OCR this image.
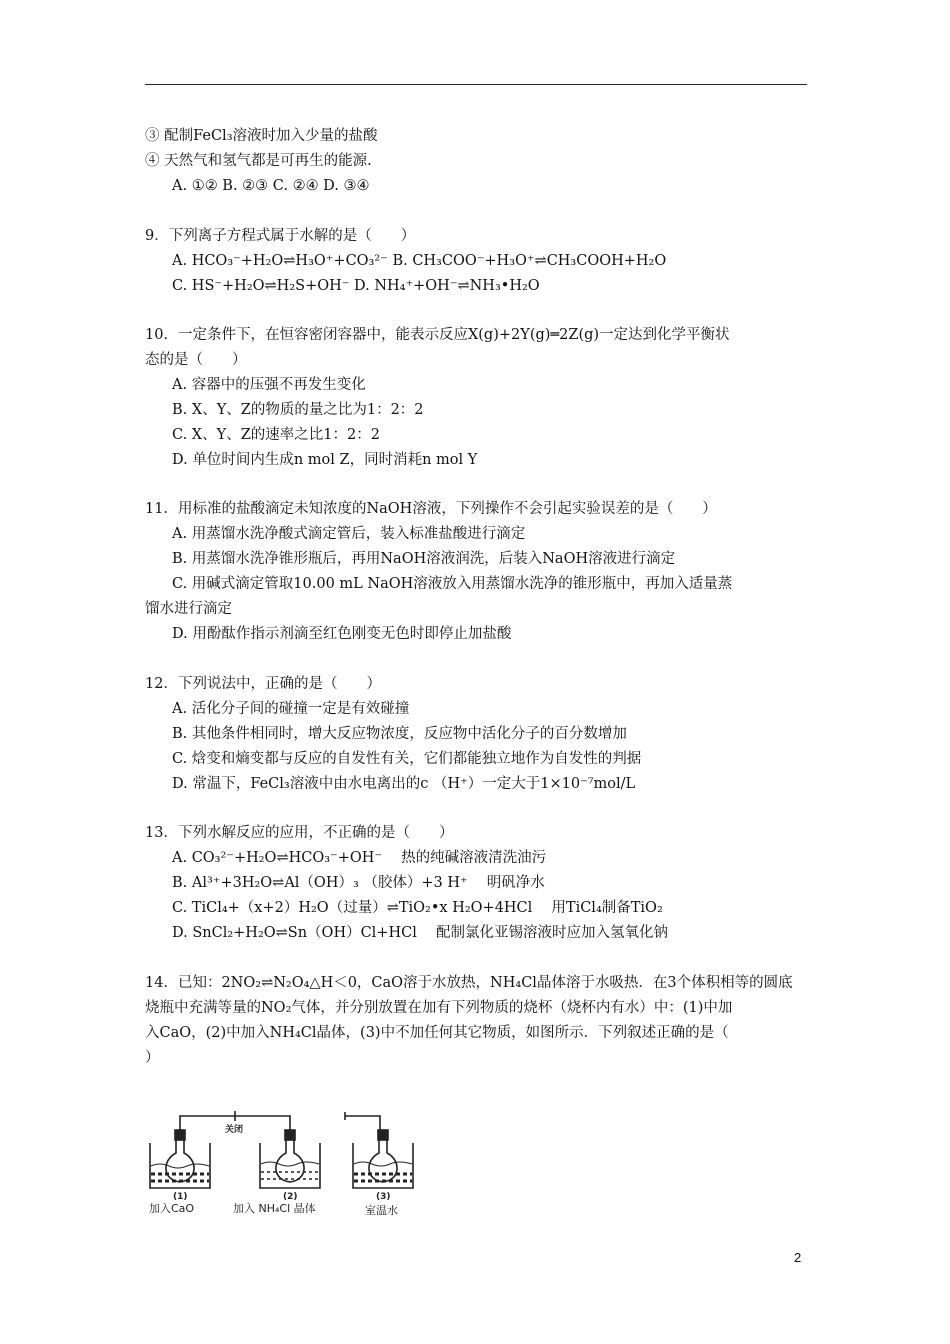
③ 配制FeCl₃溶液时加入少量的盐酸
④ 天然气和氢气都是可再生的能源.
A. ①② B. ②③ C. ②④ D. ③④
9．下列离子方程式属于水解的是（　　）
A. HCO₃⁻+H₂O⇌H₃O⁺+CO₃²⁻ B. CH₃COO⁻+H₃O⁺⇌CH₃COOH+H₂O
C. HS⁻+H₂O⇌H₂S+OH⁻ D. NH₄⁺+OH⁻⇌NH₃•H₂O
10．一定条件下，在恒容密闭容器中，能表示反应X(g)+2Y(g)═2Z(g)一定达到化学平衡状
态的是（　　）
A. 容器中的压强不再发生变化
B. X、Y、Z的物质的量之比为1：2：2
C. X、Y、Z的速率之比1：2：2
D. 单位时间内生成n mol Z，同时消耗n mol Y
11．用标准的盐酸滴定未知浓度的NaOH溶液，下列操作不会引起实验误差的是（　　）
A. 用蒸馏水洗净酸式滴定管后，装入标准盐酸进行滴定
B. 用蒸馏水洗净锥形瓶后，再用NaOH溶液润洗，后装入NaOH溶液进行滴定
C. 用碱式滴定管取10.00 mL NaOH溶液放入用蒸馏水洗净的锥形瓶中，再加入适量蒸
馏水进行滴定
D. 用酚酞作指示剂滴至红色刚变无色时即停止加盐酸
12．下列说法中，正确的是（　　）
A. 活化分子间的碰撞一定是有效碰撞
B. 其他条件相同时，增大反应物浓度，反应物中活化分子的百分数增加
C. 焓变和熵变都与反应的自发性有关，它们都能独立地作为自发性的判据
D. 常温下，FeCl₃溶液中由水电离出的c （H⁺）一定大于1×10⁻⁷mol/L
13．下列水解反应的应用，不正确的是（　　）
A. CO₃²⁻+H₂O⇌HCO₃⁻+OH⁻　 热的纯碱溶液清洗油污
B. Al³⁺+3H₂O⇌Al（OH）₃ （胶体）+3 H⁺　 明矾净水
C. TiCl₄+（x+2）H₂O（过量）⇌TiO₂•x H₂O+4HCl　 用TiCl₄制备TiO₂
D. SnCl₂+H₂O⇌Sn（OH）Cl+HCl　 配制氯化亚锡溶液时应加入氢氧化钠
14．已知：2NO₂⇌N₂O₄△H＜0，CaO溶于水放热，NH₄Cl晶体溶于水吸热．在3个体积相等的圆底
烧瓶中充满等量的NO₂气体，并分别放置在加有下列物质的烧杯（烧杯内有水）中：(1)中加
入CaO，(2)中加入NH₄Cl晶体，(3)中不加任何其它物质，如图所示．下列叙述正确的是（
）
关闭
(1)
加入CaO
(2)
加入 NH₄Cl 晶体
(3)
室温水
2
